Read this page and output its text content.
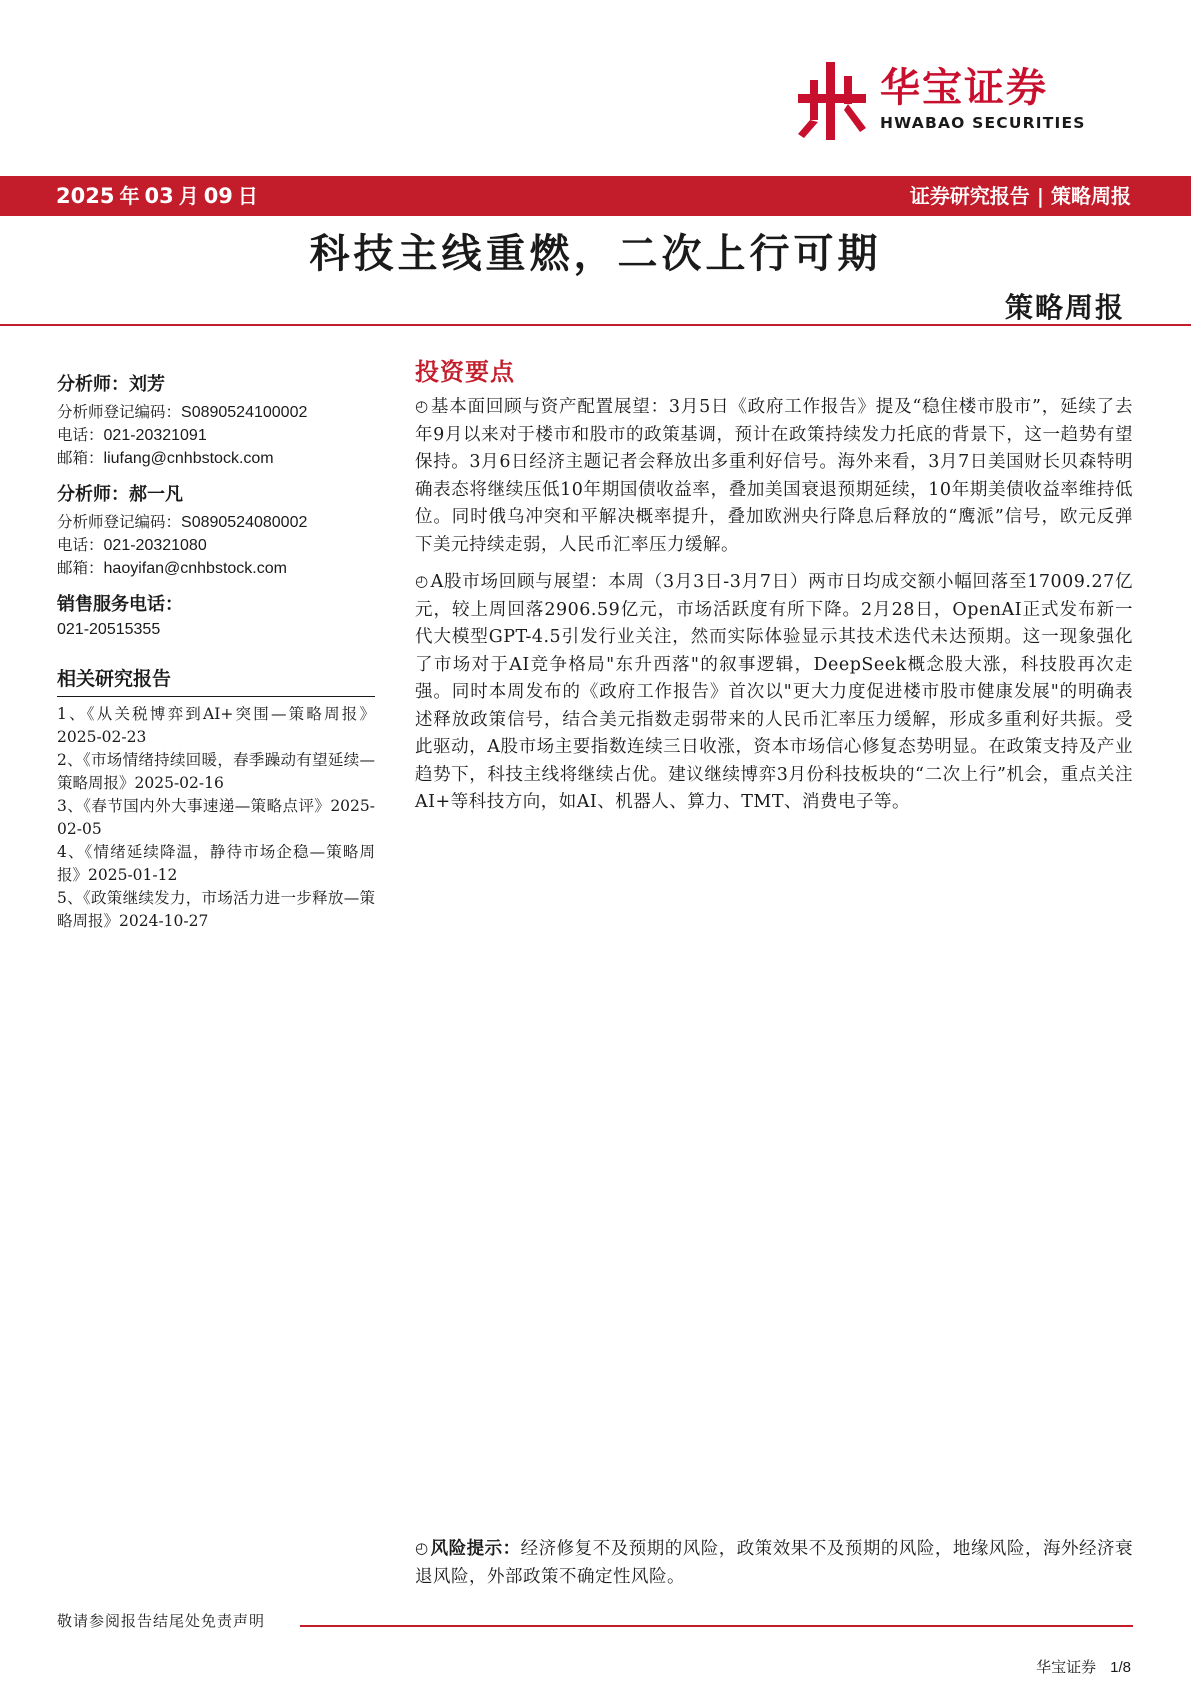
华宝证券
HWABAO SECURITIES
2025 年 03 月 09 日	证券研究报告 | 策略周报
科技主线重燃，二次上行可期
策略周报
分析师：刘芳
分析师登记编码：S0890524100002
电话：021-20321091
邮箱：liufang@cnhbstock.com
分析师：郝一凡
分析师登记编码：S0890524080002
电话：021-20321080
邮箱：haoyifan@cnhbstock.com
销售服务电话：
021-20515355
相关研究报告
1、《从关税博弈到AI+突围—策略周报》2025-02-23
2、《市场情绪持续回暖，春季躁动有望延续—策略周报》2025-02-16
3、《春节国内外大事速递—策略点评》2025-02-05
4、《情绪延续降温，静待市场企稳—策略周报》2025-01-12
5、《政策继续发力，市场活力进一步释放—策略周报》2024-10-27
投资要点
◴ 基本面回顾与资产配置展望：3月5日《政府工作报告》提及“稳住楼市股市”，延续了去年9月以来对于楼市和股市的政策基调，预计在政策持续发力托底的背景下，这一趋势有望保持。3月6日经济主题记者会释放出多重利好信号。海外来看，3月7日美国财长贝森特明确表态将继续压低10年期国债收益率，叠加美国衰退预期延续，10年期美债收益率维持低位。同时俄乌冲突和平解决概率提升，叠加欧洲央行降息后释放的“鹰派”信号，欧元反弹下美元持续走弱，人民币汇率压力缓解。
◴ A股市场回顾与展望：本周（3月3日-3月7日）两市日均成交额小幅回落至17009.27亿元，较上周回落2906.59亿元，市场活跃度有所下降。2月28日，OpenAI正式发布新一代大模型GPT-4.5引发行业关注，然而实际体验显示其技术迭代未达预期。这一现象强化了市场对于AI竞争格局"东升西落"的叙事逻辑，DeepSeek概念股大涨，科技股再次走强。同时本周发布的《政府工作报告》首次以"更大力度促进楼市股市健康发展"的明确表述释放政策信号，结合美元指数走弱带来的人民币汇率压力缓解，形成多重利好共振。受此驱动，A股市场主要指数连续三日收涨，资本市场信心修复态势明显。在政策支持及产业趋势下，科技主线将继续占优。建议继续博弈3月份科技板块的“二次上行”机会，重点关注AI+等科技方向，如AI、机器人、算力、TMT、消费电子等。
◴ 风险提示：经济修复不及预期的风险，政策效果不及预期的风险，地缘风险，海外经济衰退风险，外部政策不确定性风险。
敬请参阅报告结尾处免责声明
华宝证券 1/8
